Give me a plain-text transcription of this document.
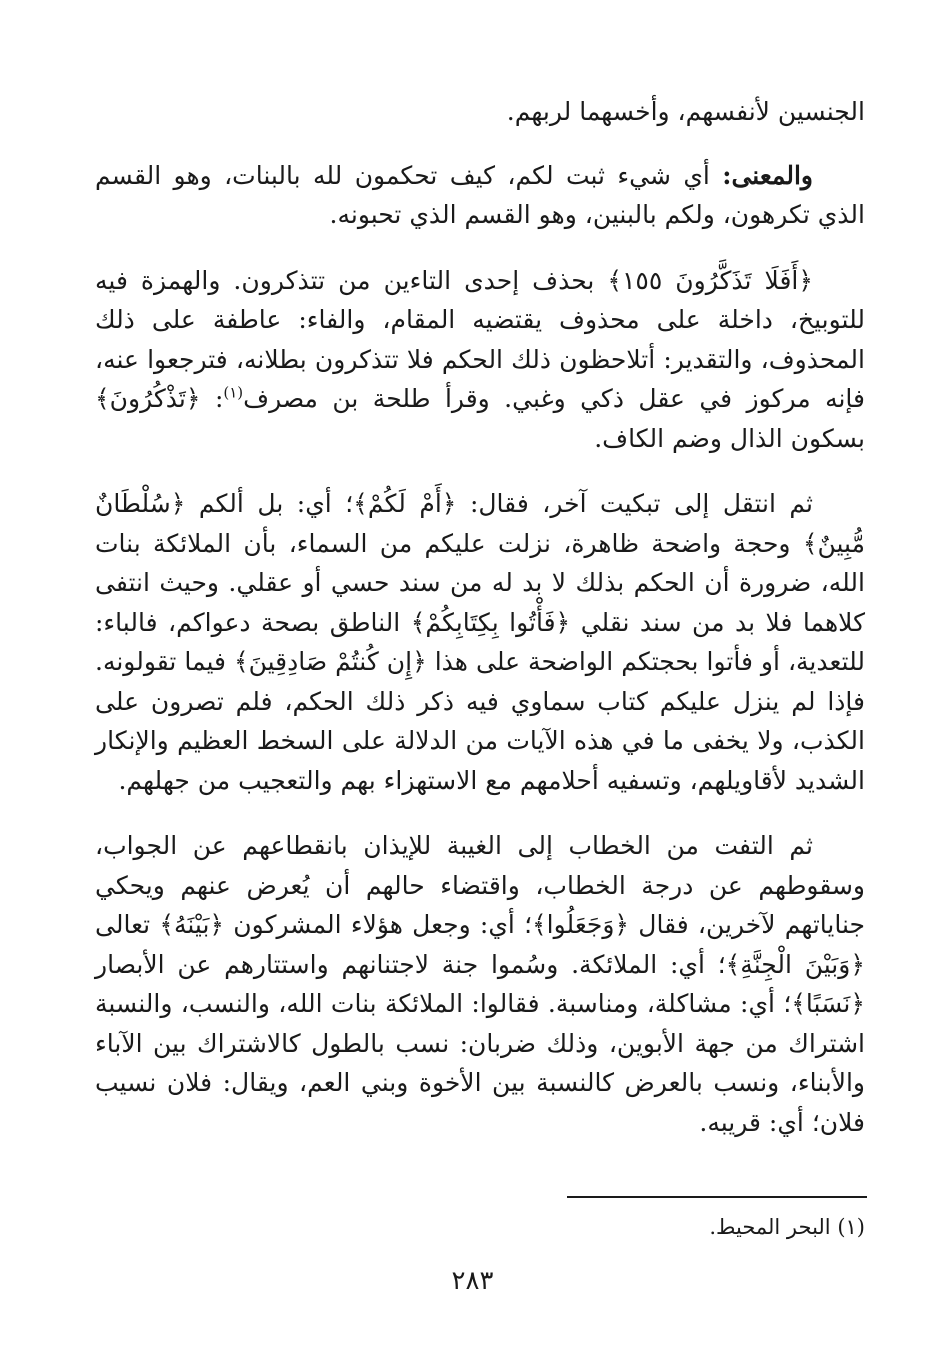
الجنسين لأنفسهم، وأخسهما لربهم.

والمعنى: أي شيء ثبت لكم، كيف تحكمون لله بالبنات، وهو القسم الذي تكرهون، ولكم بالبنين، وهو القسم الذي تحبونه.

﴿أَفَلَا تَذَكَّرُونَ ١٥٥﴾ بحذف إحدى التاءين من تتذكرون. والهمزة فيه للتوبيخ، داخلة على محذوف يقتضيه المقام، والفاء: عاطفة على ذلك المحذوف، والتقدير: أتلاحظون ذلك الحكم فلا تتذكرون بطلانه، فترجعوا عنه، فإنه مركوز في عقل ذكي وغبي. وقرأ طلحة بن مصرف$^{(١)}$: ﴿تَذْكُرُونَ﴾ بسكون الذال وضم الكاف.

ثم انتقل إلى تبكيت آخر، فقال: ﴿أَمْ لَكُمْ﴾؛ أي: بل ألكم ﴿سُلْطَانٌ مُّبِينٌ﴾ وحجة واضحة ظاهرة، نزلت عليكم من السماء، بأن الملائكة بنات الله، ضرورة أن الحكم بذلك لا بد له من سند حسي أو عقلي. وحيث انتفى كلاهما فلا بد من سند نقلي ﴿فَأْتُوا بِكِتَابِكُمْ﴾ الناطق بصحة دعواكم، فالباء: للتعدية، أو فأتوا بحجتكم الواضحة على هذا ﴿إِن كُنتُمْ صَادِقِينَ﴾ فيما تقولونه. فإذا لم ينزل عليكم كتاب سماوي فيه ذكر ذلك الحكم، فلم تصرون على الكذب، ولا يخفى ما في هذه الآيات من الدلالة على السخط العظيم والإنكار الشديد لأقاويلهم، وتسفيه أحلامهم مع الاستهزاء بهم والتعجيب من جهلهم.

ثم التفت من الخطاب إلى الغيبة للإيذان بانقطاعهم عن الجواب، وسقوطهم عن درجة الخطاب، واقتضاء حالهم أن يُعرض عنهم ويحكي جناياتهم لآخرين، فقال ﴿وَجَعَلُوا﴾؛ أي: وجعل هؤلاء المشركون ﴿بَيْنَهُ﴾ تعالى ﴿وَبَيْنَ الْجِنَّةِ﴾؛ أي: الملائكة. وسُموا جنة لاجتنانهم واستتارهم عن الأبصار ﴿نَسَبًا﴾؛ أي: مشاكلة، ومناسبة. فقالوا: الملائكة بنات الله، والنسب، والنسبة اشتراك من جهة الأبوين، وذلك ضربان: نسب بالطول كالاشتراك بين الآباء والأبناء، ونسب بالعرض كالنسبة بين الأخوة وبني العم، ويقال: فلان نسيب فلان؛ أي: قريبه.

(١) البحر المحيط.
٢٨٣
